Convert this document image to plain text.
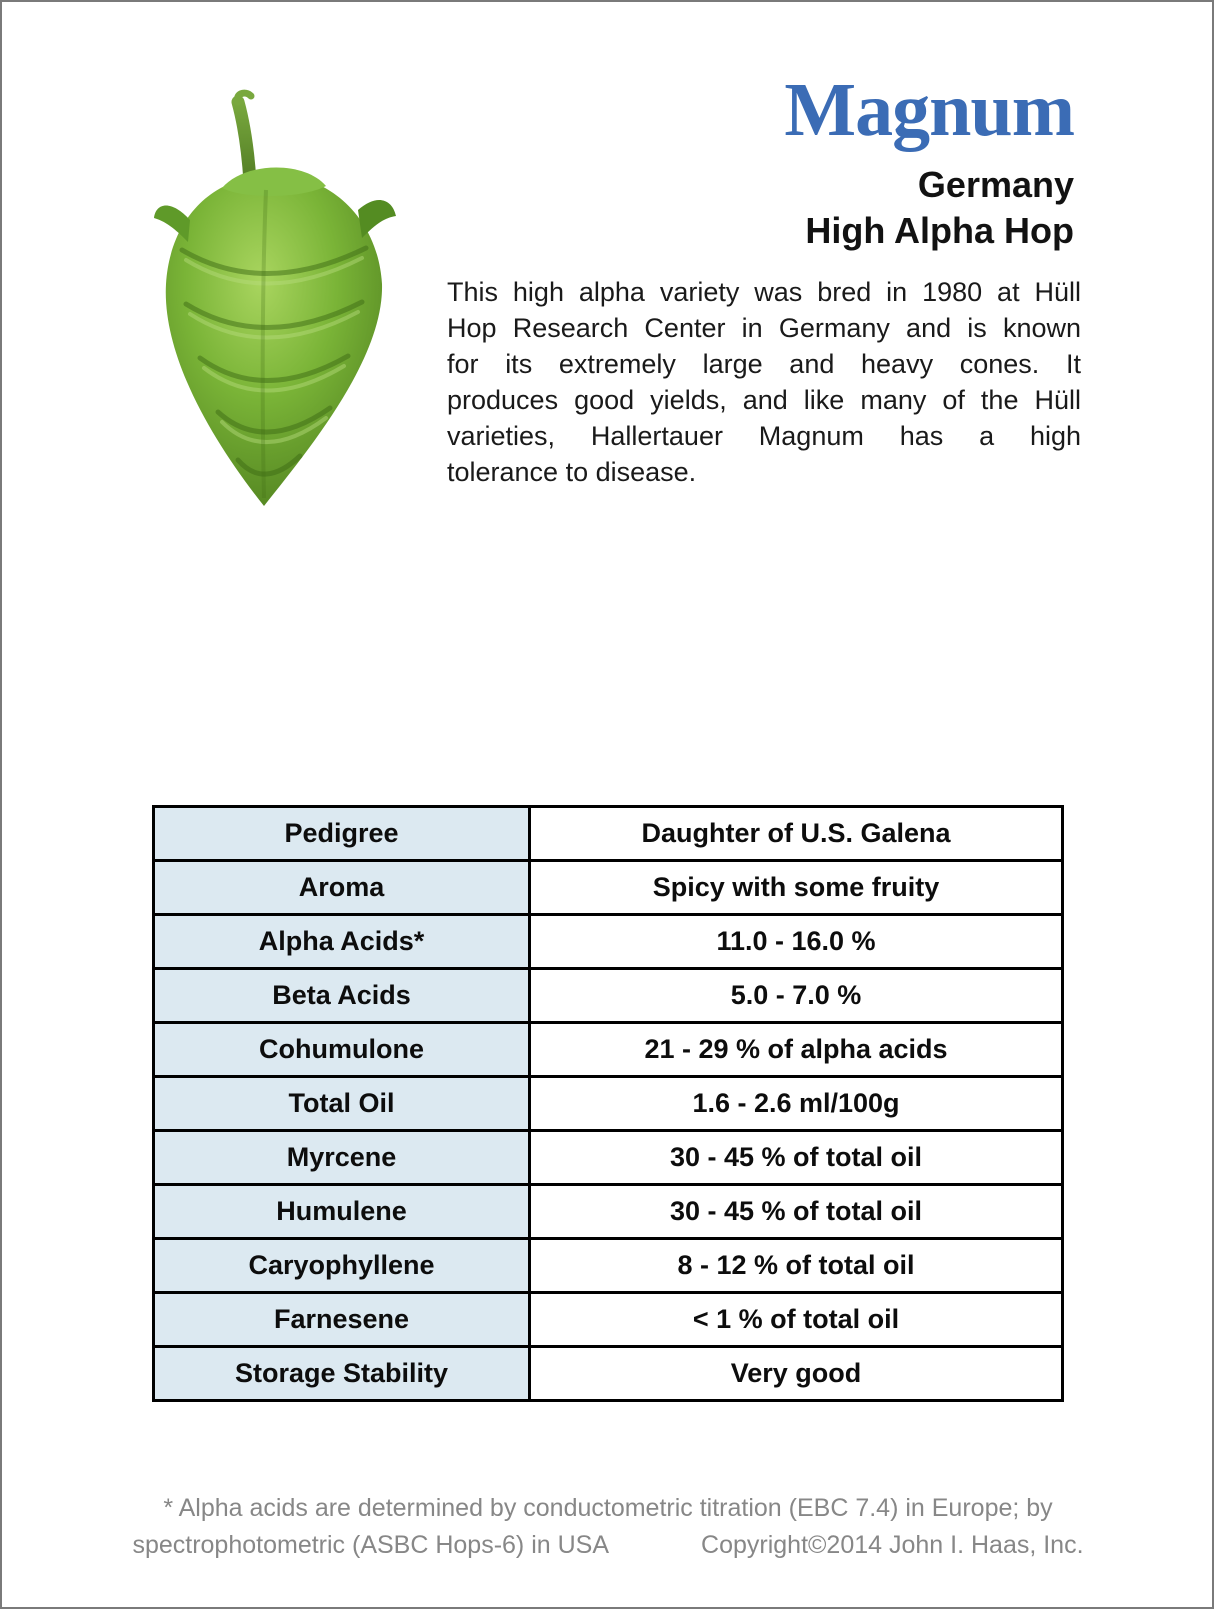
Magnum
Germany
High Alpha Hop
This high alpha variety was bred in 1980 at Hüll
Hop Research Center in Germany and is known
for its extremely large and heavy cones. It
produces good yields, and like many of the Hüll
varieties, Hallertauer Magnum has a high
tolerance to disease.
Pedigree	Daughter of U.S. Galena
Aroma	Spicy with some fruity
Alpha Acids*	11.0 - 16.0 %
Beta Acids	5.0 - 7.0 %
Cohumulone	21 - 29 % of alpha acids
Total Oil	1.6 - 2.6 ml/100g
Myrcene	30 - 45 % of total oil
Humulene	30 - 45 % of total oil
Caryophyllene	8 - 12 % of total oil
Farnesene	< 1 % of total oil
Storage Stability	Very good
* Alpha acids are determined by conductometric titration (EBC 7.4) in Europe; by
spectrophotometric (ASBC Hops-6) in USA	Copyright©2014 John I. Haas, Inc.
